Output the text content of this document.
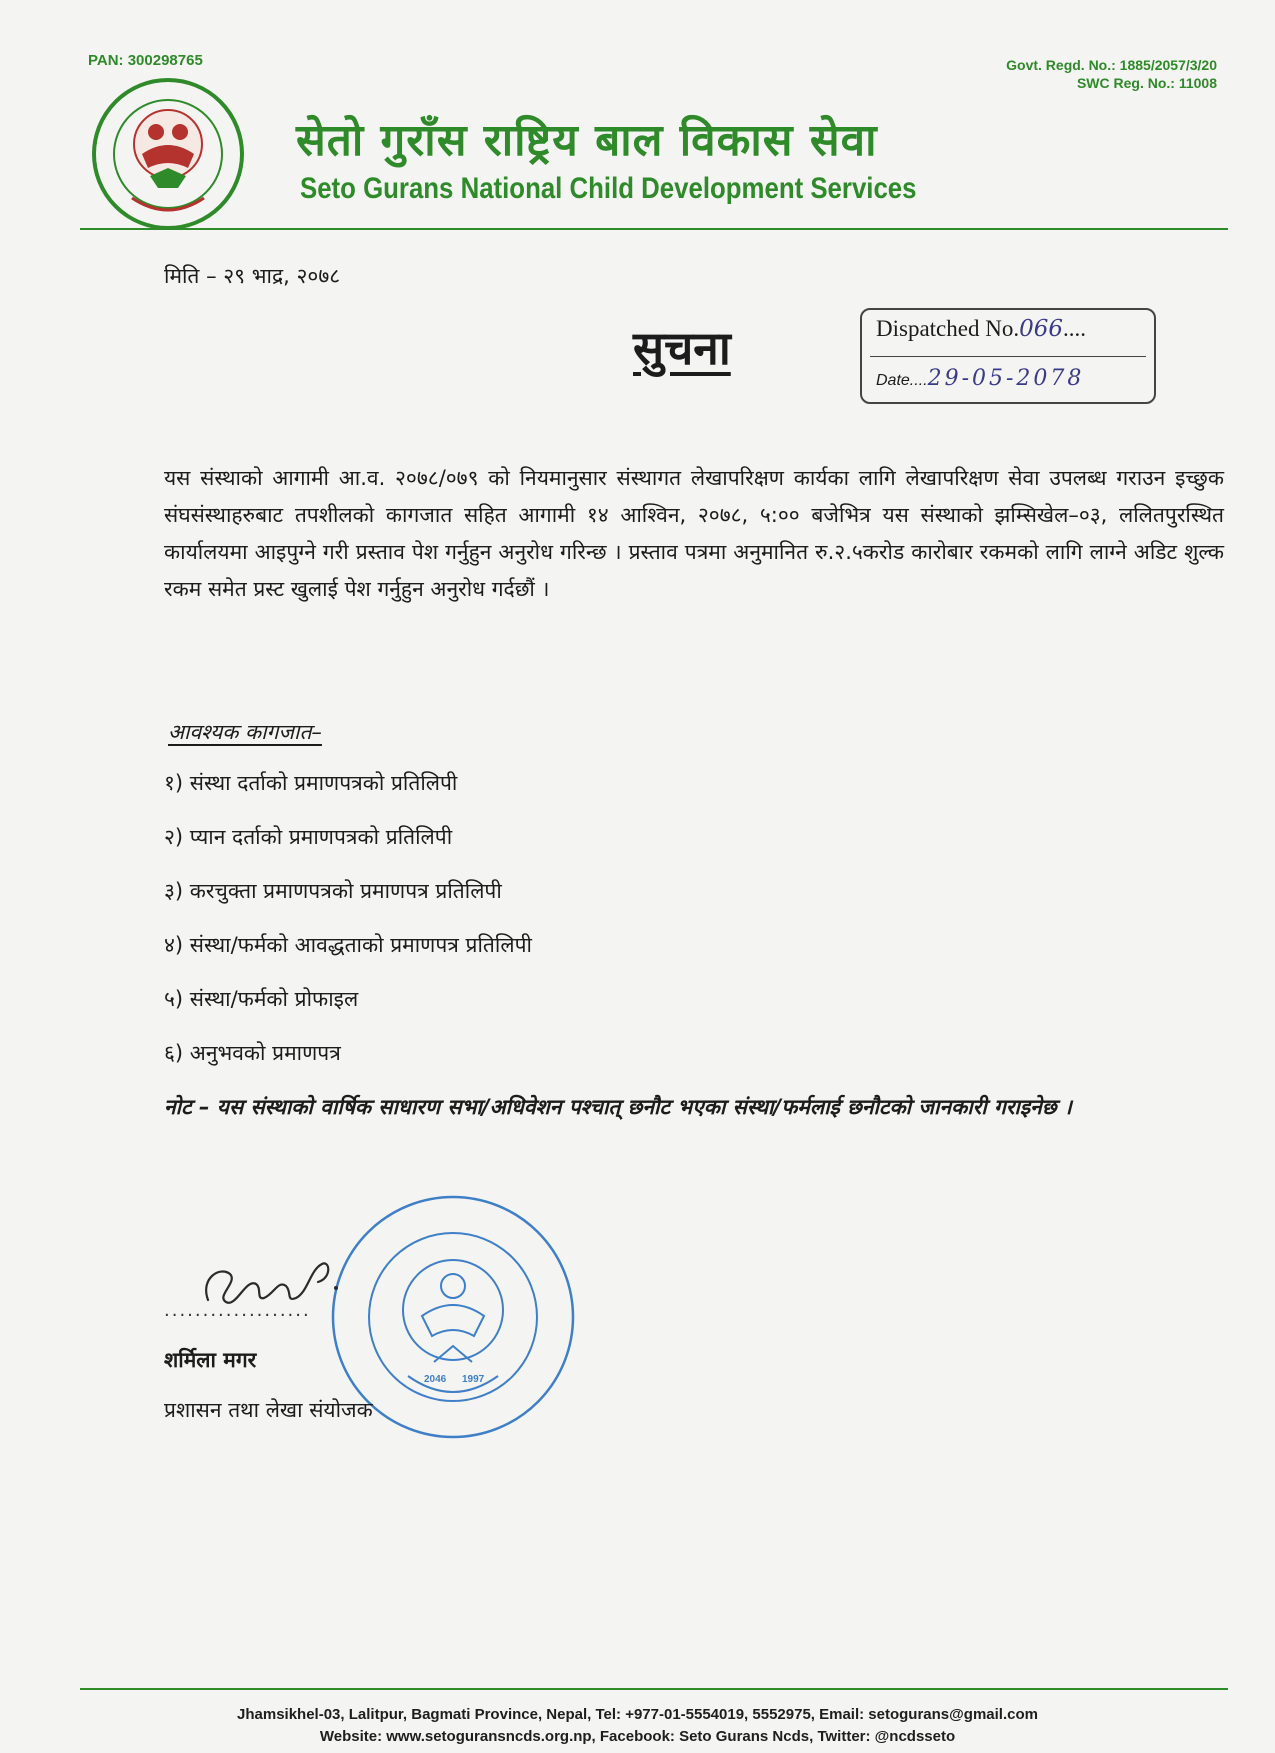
PAN: 300298765	Govt. Regd. No.: 1885/2057/3/20
SWC Reg. No.: 11008
सेतो गुराँस राष्ट्रिय बाल विकास सेवा
Seto Gurans National Child Development Services
मिति – २९ भाद्र, २०७८
सुचना	Dispatched No.066....
Date....29-05-2078
यस संस्थाको आगामी आ.व. २०७८/०७९ को नियमानुसार संस्थागत लेखापरिक्षण कार्यका लागि लेखापरिक्षण सेवा उपलब्ध गराउन इच्छुक संघसंस्थाहरुबाट तपशीलको कागजात सहित आगामी १४ आश्विन, २०७८, ५:०० बजेभित्र यस संस्थाको झम्सिखेल–०३, ललितपुरस्थित कार्यालयमा आइपुग्ने गरी प्रस्ताव पेश गर्नुहुन अनुरोध गरिन्छ । प्रस्ताव पत्रमा अनुमानित रु.२.५करोड कारोबार रकमको लागि लाग्ने अडिट शुल्क रकम समेत प्रस्ट खुलाई पेश गर्नुहुन अनुरोध गर्दछौं ।
आवश्यक कागजात–
१) संस्था दर्ताको प्रमाणपत्रको प्रतिलिपी
२) प्यान दर्ताको प्रमाणपत्रको प्रतिलिपी
३) करचुक्ता प्रमाणपत्रको प्रमाणपत्र प्रतिलिपी
४) संस्था/फर्मको आवद्धताको प्रमाणपत्र प्रतिलिपी
५) संस्था/फर्मको प्रोफाइल
६) अनुभवको प्रमाणपत्र
नोट – यस संस्थाको वार्षिक साधारण सभा/अधिवेशन पश्चात् छनौट भएका संस्था/फर्मलाई छनौटको जानकारी गराइनेछ ।
2046 1997
...................
शर्मिला मगर
प्रशासन तथा लेखा संयोजक
Jhamsikhel-03, Lalitpur, Bagmati Province, Nepal, Tel: +977-01-5554019, 5552975, Email: setogurans@gmail.com
Website: www.setoguransncds.org.np, Facebook: Seto Gurans Ncds, Twitter: @ncdsseto
